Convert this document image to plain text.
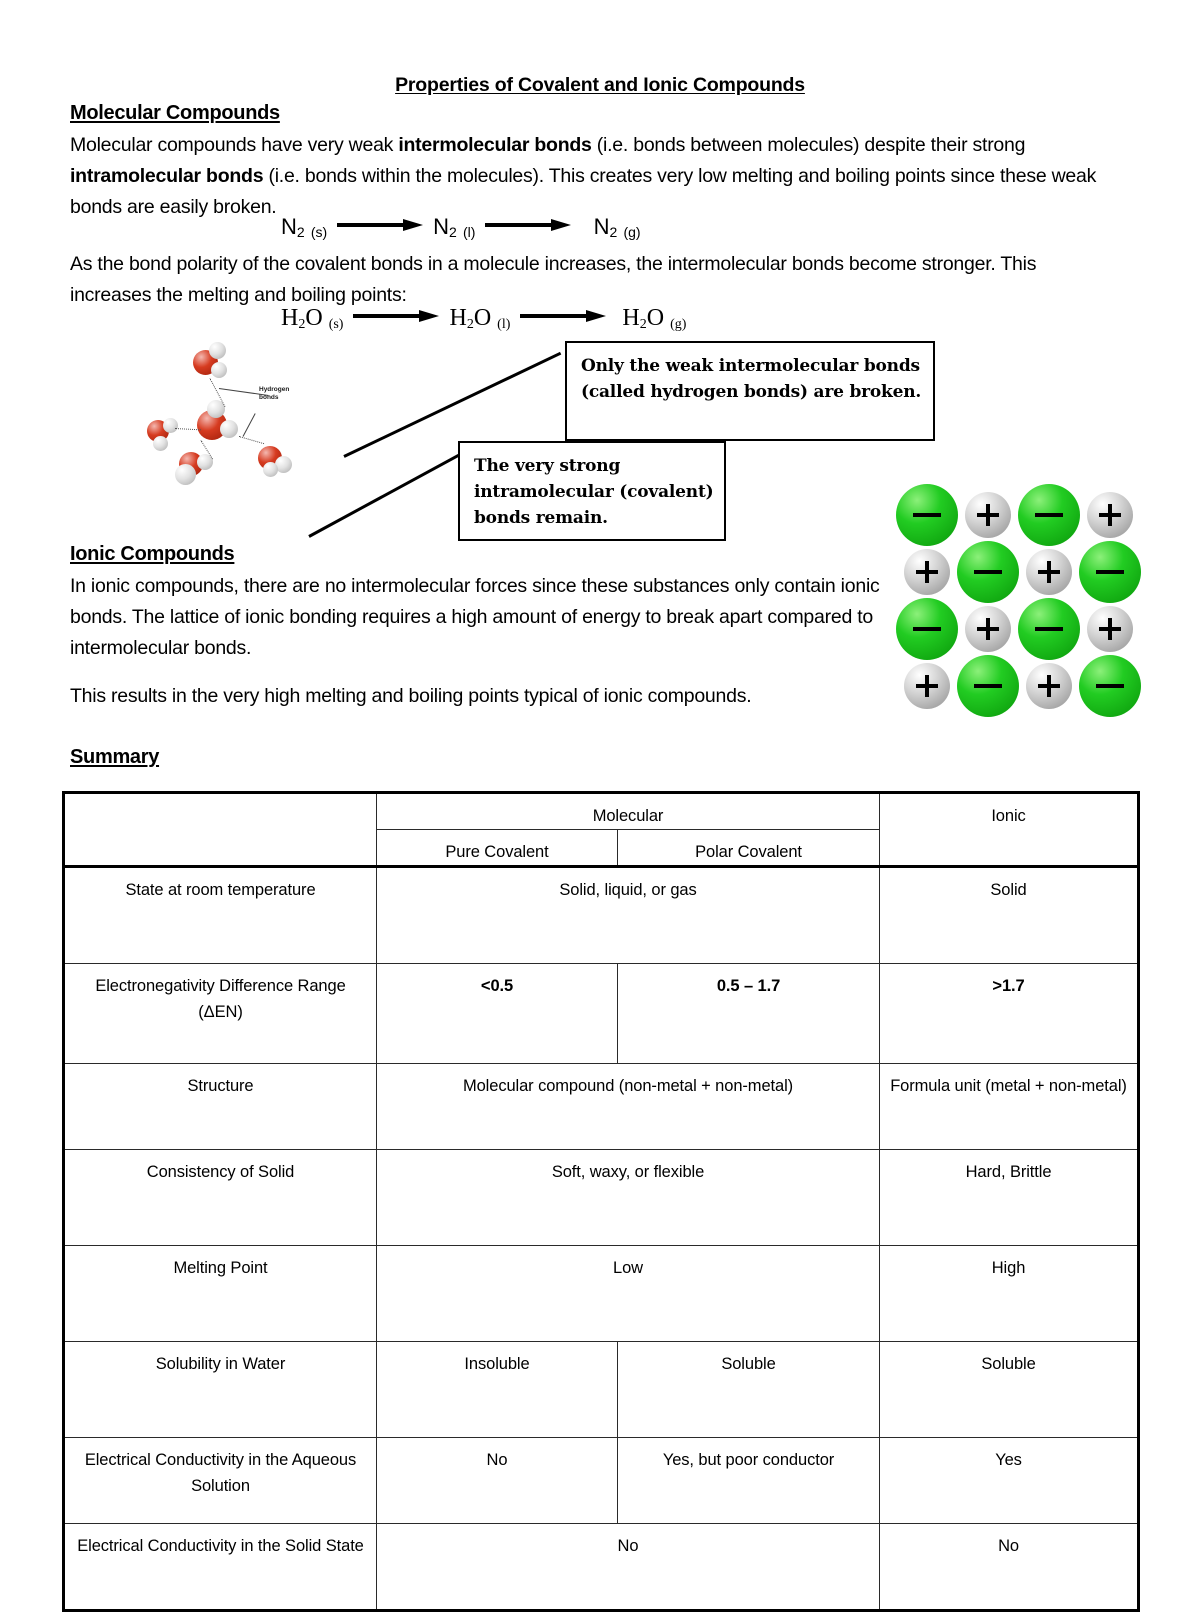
Properties of Covalent and Ionic Compounds
Molecular Compounds
Molecular compounds have very weak intermolecular bonds (i.e. bonds between molecules) despite their strong intramolecular bonds (i.e. bonds within the molecules). This creates very low melting and boiling points since these weak bonds are easily broken.
$N_2$ (s)	$N_2$ (l)	$N_2$ (g)
As the bond polarity of the covalent bonds in a molecule increases, the intermolecular bonds become stronger. This increases the melting and boiling points:
$H_2O$ (s)	$H_2O$ (l)	$H_2O$ (g)
Hydrogen bonds
Only the weak intermolecular bonds (called hydrogen bonds) are broken.
The very strong intramolecular (covalent) bonds remain.
Ionic Compounds
In ionic compounds, there are no intermolecular forces since these substances only contain ionic bonds. The lattice of ionic bonding requires a high amount of energy to break apart compared to intermolecular bonds.
This results in the very high melting and boiling points typical of ionic compounds.
Summary
	Molecular		Ionic
	Pure Covalent	Polar Covalent	
State at room temperature	Solid, liquid, or gas		Solid
Electronegativity Difference Range (ΔEN)	<0.5	0.5 – 1.7	>1.7
Structure	Molecular compound (non-metal + non-metal)		Formula unit (metal + non-metal)
Consistency of Solid	Soft, waxy, or flexible		Hard, Brittle
Melting Point	Low		High
Solubility in Water	Insoluble	Soluble	Soluble
Electrical Conductivity in the Aqueous Solution	No	Yes, but poor conductor	Yes
Electrical Conductivity in the Solid State	No		No
